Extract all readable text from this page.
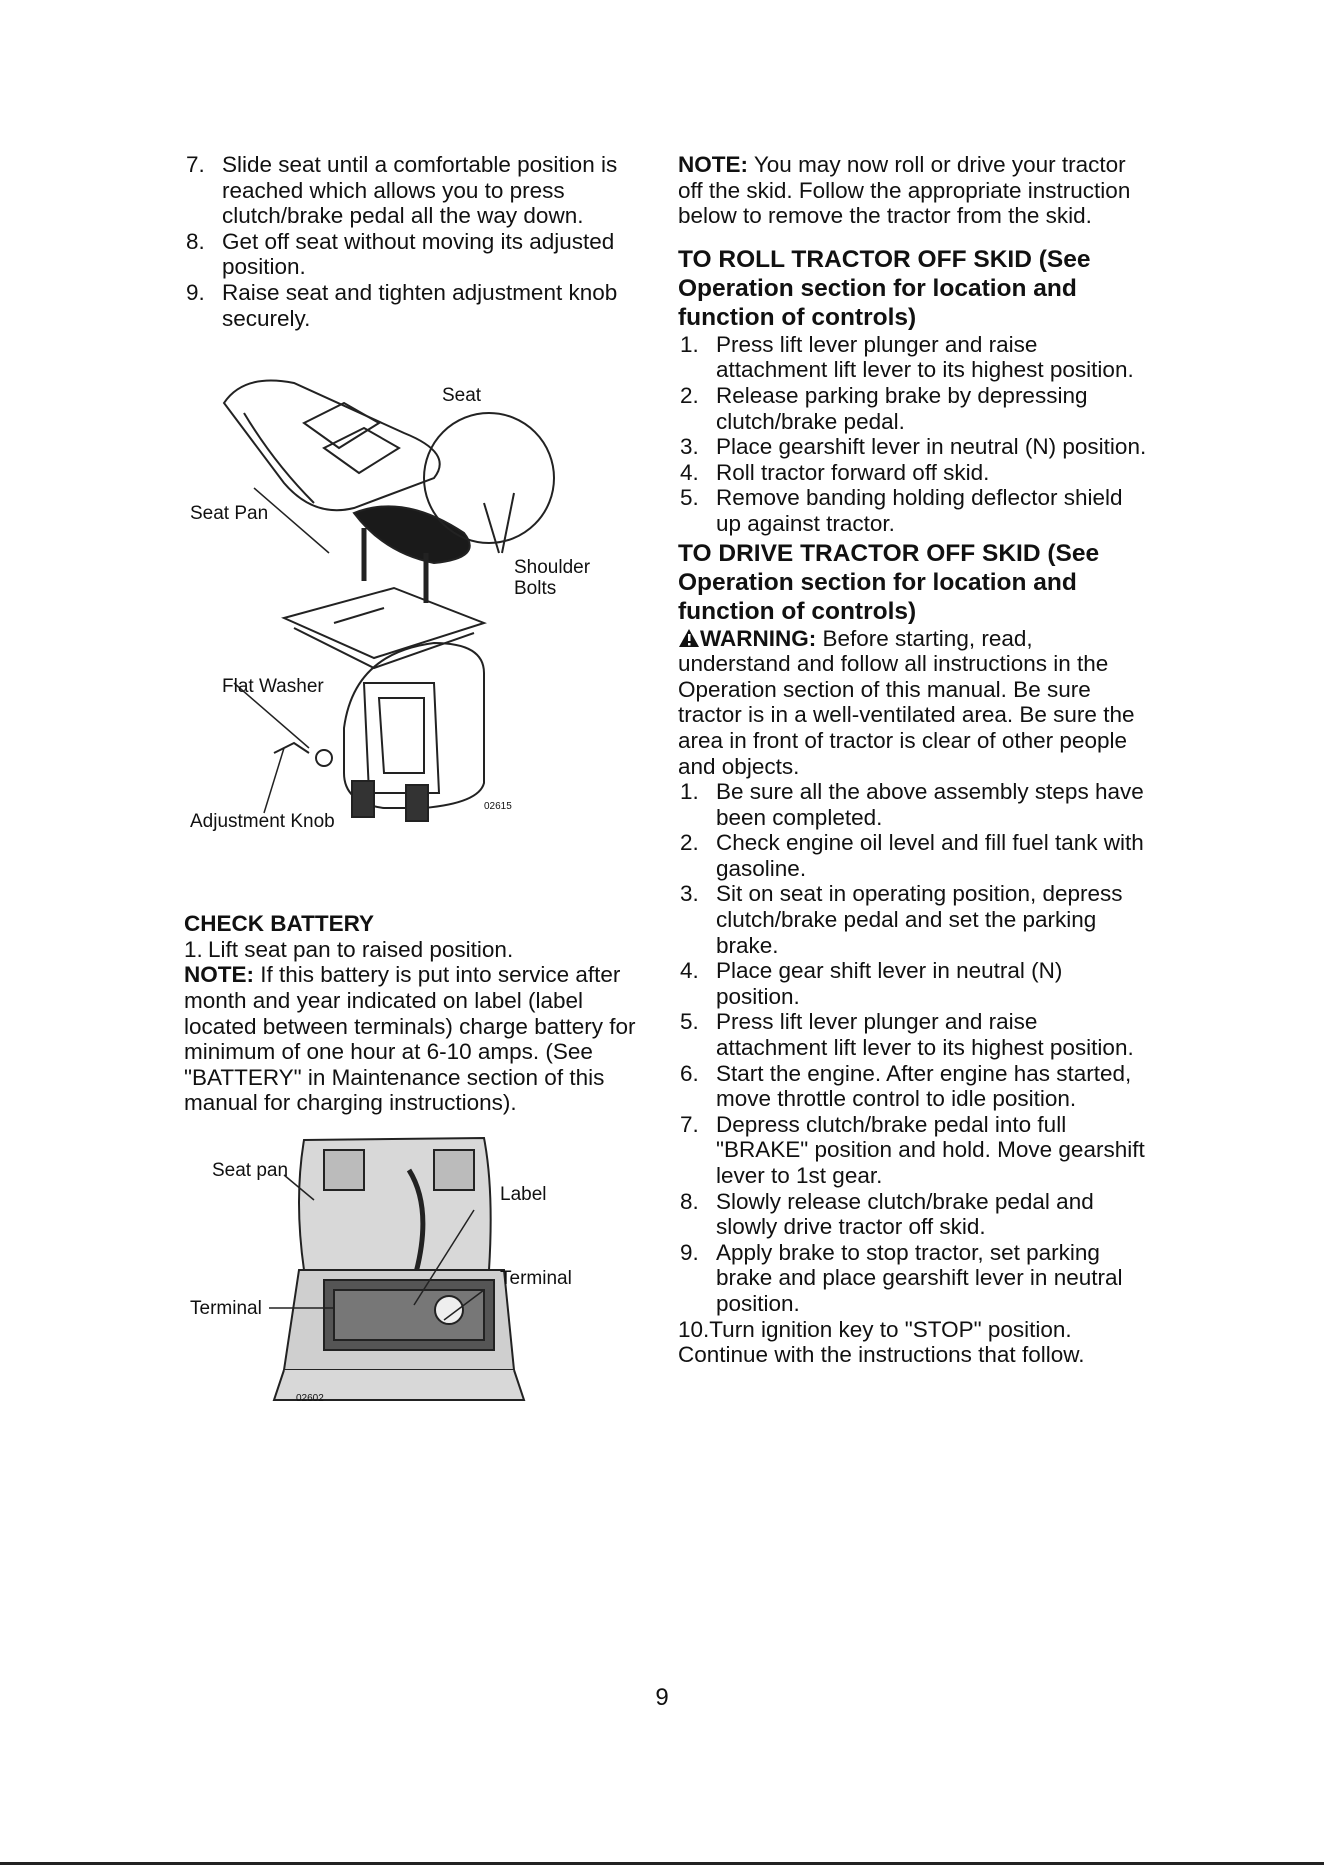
7. Slide seat until a comfortable position is reached which allows you to press clutch/brake pedal all the way down.
8. Get off seat without moving its adjusted position.
9. Raise seat and tighten adjustment knob securely.
Seat
Seat Pan
Shoulder
Bolts
Flat Washer
Adjustment Knob
02615
CHECK BATTERY
1. Lift seat pan to raised position.

NOTE: If this battery is put into service after month and year indicated on label (label located between terminals) charge battery for minimum of one hour at 6-10 amps. (See "BATTERY" in Maintenance section of this manual for charging instructions).

Seat pan
Label
Terminal
Terminal
02602

NOTE: You may now roll or drive your tractor off the skid. Follow the appropriate instruction below to remove the tractor from the skid.

TO ROLL TRACTOR OFF SKID (See Operation section for location and function of controls)
1. Press lift lever plunger and raise attachment lift lever to its highest position.
2. Release parking brake by depressing clutch/brake pedal.
3. Place gearshift lever in neutral (N) position.
4. Roll tractor forward off skid.
5. Remove banding holding deflector shield up against tractor.
TO DRIVE TRACTOR OFF SKID (See Operation section for location and function of controls)

WARNING: Before starting, read, understand and follow all instructions in the Operation section of this manual. Be sure tractor is in a well-ventilated area. Be sure the area in front of tractor is clear of other people and objects.

1. Be sure all the above assembly steps have been completed.
2. Check engine oil level and fill fuel tank with gasoline.
3. Sit on seat in operating position, depress clutch/brake pedal and set the parking brake.
4. Place gear shift lever in neutral (N) position.
5. Press lift lever plunger and raise attachment lift lever to its highest position.
6. Start the engine. After engine has started, move throttle control to idle position.
7. Depress clutch/brake pedal into full "BRAKE" position and hold. Move gearshift lever to 1st gear.
8. Slowly release clutch/brake pedal and slowly drive tractor off skid.
9. Apply brake to stop tractor, set parking brake and place gearshift lever in neutral position.

10.Turn ignition key to "STOP" position.

Continue with the instructions that follow.

9
